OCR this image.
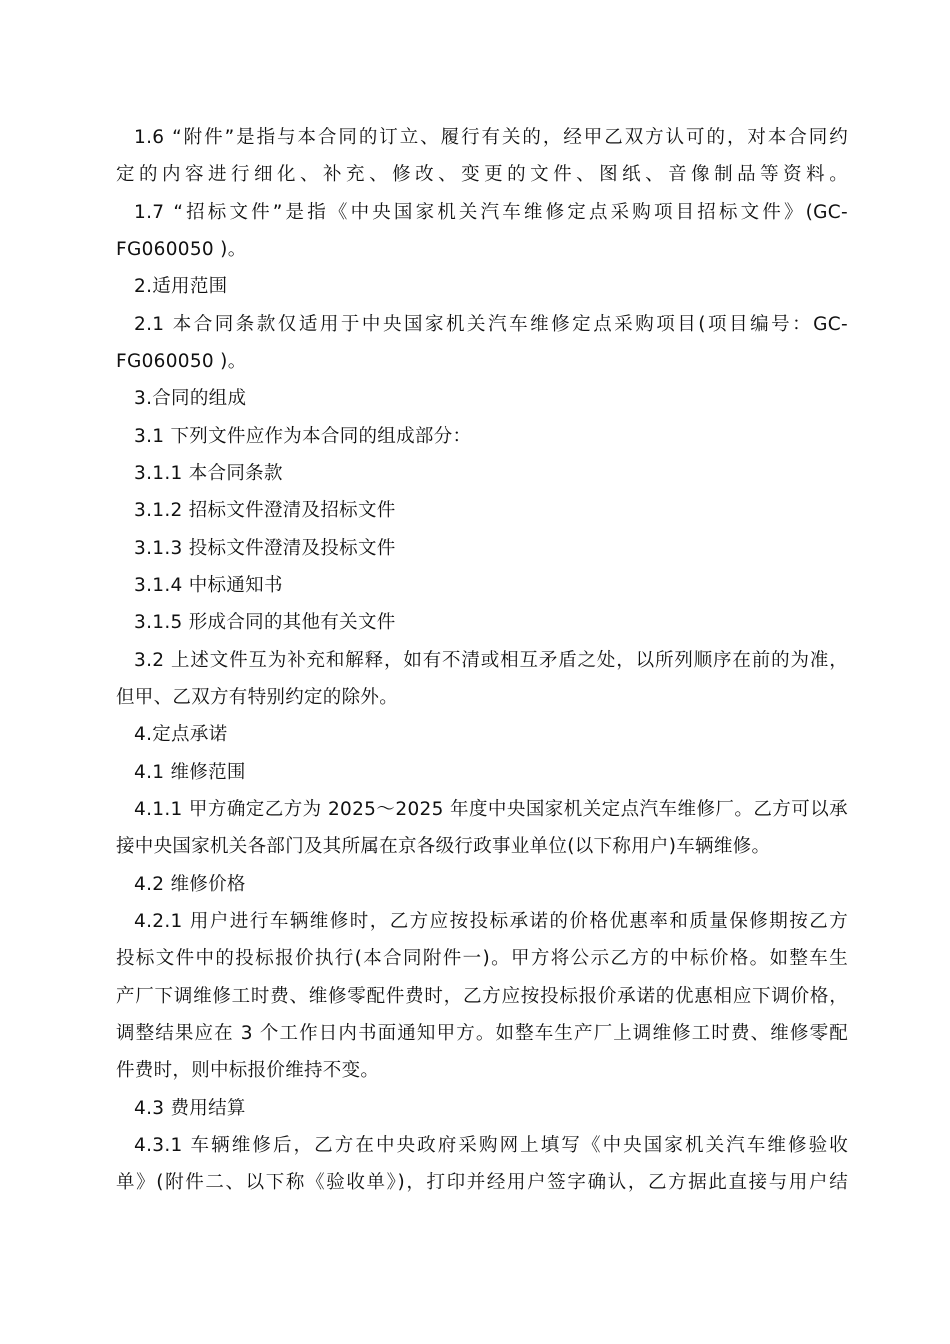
1.6 “附件”是指与本合同的订立、履行有关的，经甲乙双方认可的，对本合同约
定的内容进行细化、补充、修改、变更的文件、图纸、音像制品等资料。
1.7 “招标文件”是指《中央国家机关汽车维修定点采购项目招标文件》(GC-
FG060050 )。
2.适用范围
2.1 本合同条款仅适用于中央国家机关汽车维修定点采购项目(项目编号：GC-
FG060050 )。
3.合同的组成
3.1 下列文件应作为本合同的组成部分：
3.1.1 本合同条款
3.1.2 招标文件澄清及招标文件
3.1.3 投标文件澄清及投标文件
3.1.4 中标通知书
3.1.5 形成合同的其他有关文件
3.2 上述文件互为补充和解释，如有不清或相互矛盾之处，以所列顺序在前的为准，
但甲、乙双方有特别约定的除外。
4.定点承诺
4.1 维修范围
4.1.1 甲方确定乙方为 2025～2025 年度中央国家机关定点汽车维修厂。乙方可以承
接中央国家机关各部门及其所属在京各级行政事业单位(以下称用户)车辆维修。
4.2 维修价格
4.2.1 用户进行车辆维修时，乙方应按投标承诺的价格优惠率和质量保修期按乙方
投标文件中的投标报价执行(本合同附件一)。甲方将公示乙方的中标价格。如整车生
产厂下调维修工时费、维修零配件费时，乙方应按投标报价承诺的优惠相应下调价格，
调整结果应在 3 个工作日内书面通知甲方。如整车生产厂上调维修工时费、维修零配
件费时，则中标报价维持不变。
4.3 费用结算
4.3.1 车辆维修后，乙方在中央政府采购网上填写《中央国家机关汽车维修验收
单》(附件二、以下称《验收单》)，打印并经用户签字确认，乙方据此直接与用户结
